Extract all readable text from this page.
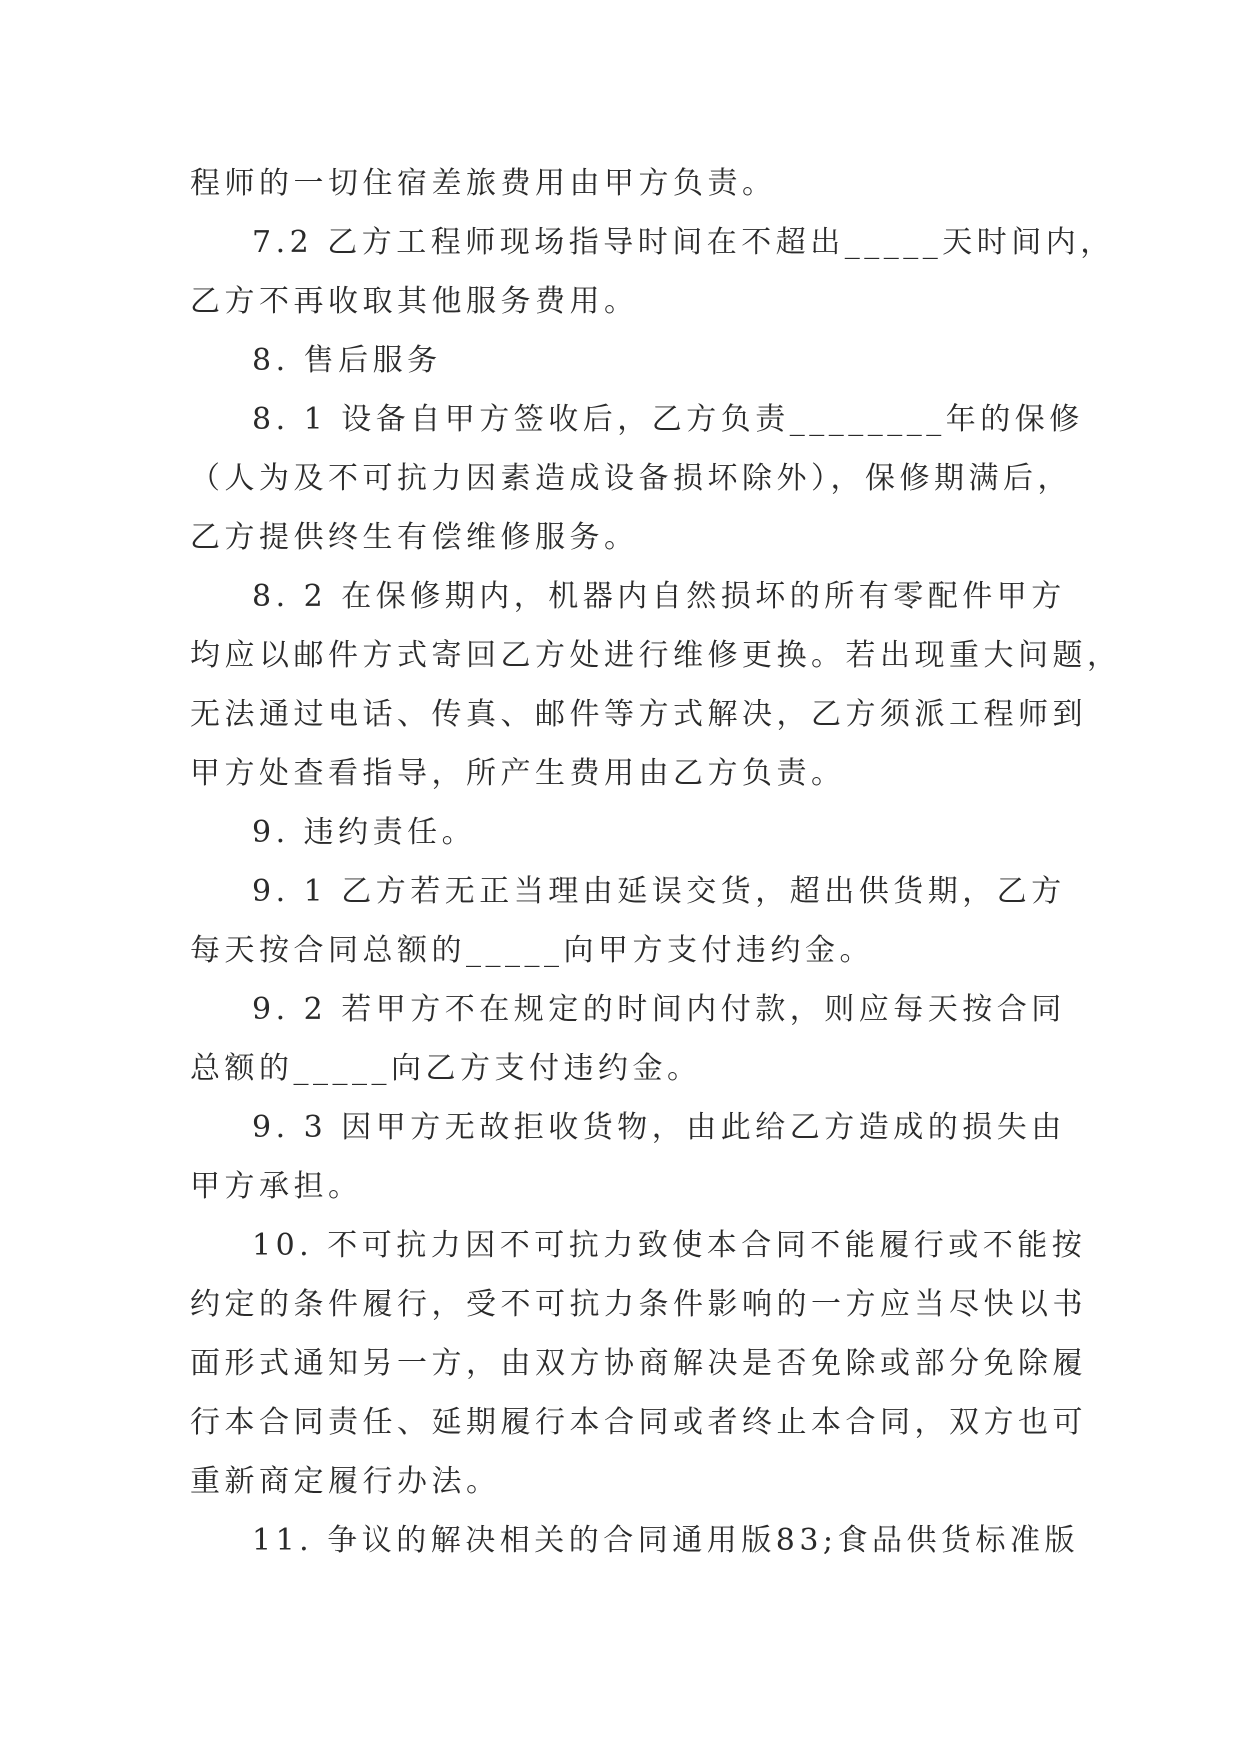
程师的一切住宿差旅费用由甲方负责。
7.2 乙方工程师现场指导时间在不超出_____天时间内，
乙方不再收取其他服务费用。
8. 售后服务
8. 1 设备自甲方签收后，乙方负责________年的保修
（人为及不可抗力因素造成设备损坏除外），保修期满后，
乙方提供终生有偿维修服务。
8. 2 在保修期内，机器内自然损坏的所有零配件甲方
均应以邮件方式寄回乙方处进行维修更换。若出现重大问题，
无法通过电话、传真、邮件等方式解决，乙方须派工程师到
甲方处查看指导，所产生费用由乙方负责。
9. 违约责任。
9. 1 乙方若无正当理由延误交货，超出供货期，乙方
每天按合同总额的_____向甲方支付违约金。
9. 2 若甲方不在规定的时间内付款，则应每天按合同
总额的_____向乙方支付违约金。
9. 3 因甲方无故拒收货物，由此给乙方造成的损失由
甲方承担。
10. 不可抗力因不可抗力致使本合同不能履行或不能按
约定的条件履行，受不可抗力条件影响的一方应当尽快以书
面形式通知另一方，由双方协商解决是否免除或部分免除履
行本合同责任、延期履行本合同或者终止本合同，双方也可
重新商定履行办法。
11. 争议的解决相关的合同通用版83;食品供货标准版
